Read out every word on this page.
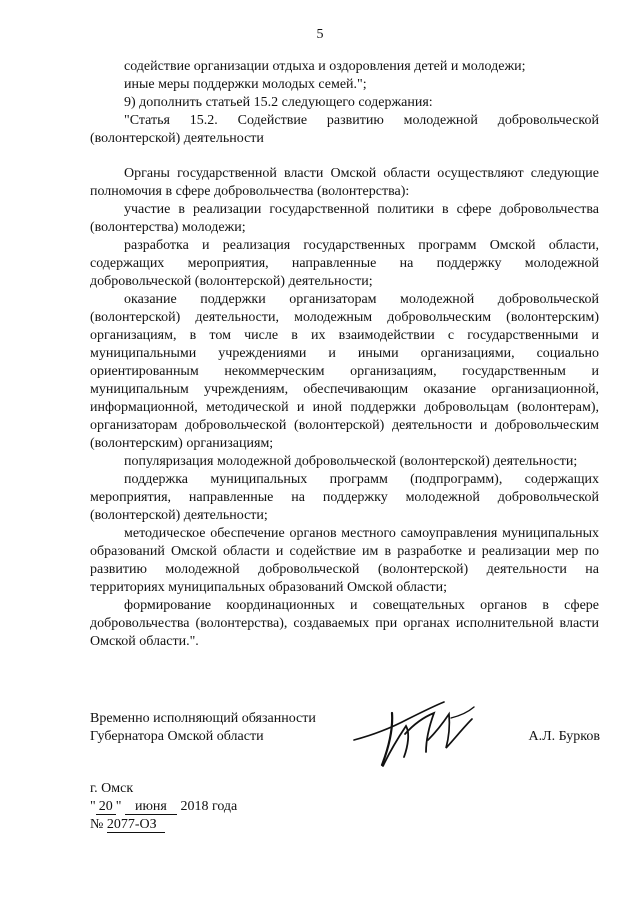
5

содействие организации отдыха и оздоровления детей и молодежи;

иные меры поддержки молодых семей.";

9) дополнить статьей 15.2 следующего содержания:

"Статья 15.2. Содействие развитию молодежной добровольческой (волонтерской) деятельности

Органы государственной власти Омской области осуществляют следующие полномочия в сфере добровольчества (волонтерства):

участие в реализации государственной политики в сфере добровольчества (волонтерства) молодежи;

разработка и реализация государственных программ Омской области, содержащих мероприятия, направленные на поддержку молодежной добровольческой (волонтерской) деятельности;

оказание поддержки организаторам молодежной добровольческой (волонтерской) деятельности, молодежным добровольческим (волонтерским) организациям, в том числе в их взаимодействии с государственными и муниципальными учреждениями и иными организациями, социально ориентированным некоммерческим организациям, государственным и муниципальным учреждениям, обеспечивающим оказание организационной, информационной, методической и иной поддержки добровольцам (волонтерам), организаторам добровольческой (волонтерской) деятельности и добровольческим (волонтерским) организациям;

популяризация молодежной добровольческой (волонтерской) деятельности;

поддержка муниципальных программ (подпрограмм), содержащих мероприятия, направленные на поддержку молодежной добровольческой (волонтерской) деятельности;

методическое обеспечение органов местного самоуправления муниципальных образований Омской области и содействие им в разработке и реализации мер по развитию молодежной добровольческой (волонтерской) деятельности на территориях муниципальных образований Омской области;

формирование координационных и совещательных органов в сфере добровольчества (волонтерства), создаваемых при органах исполнительной власти Омской области.".

Временно исполняющий обязанности
Губернатора Омской области	А.Л. Бурков
г. Омск
" 20 " июня 2018 года
№ 2077-ОЗ
